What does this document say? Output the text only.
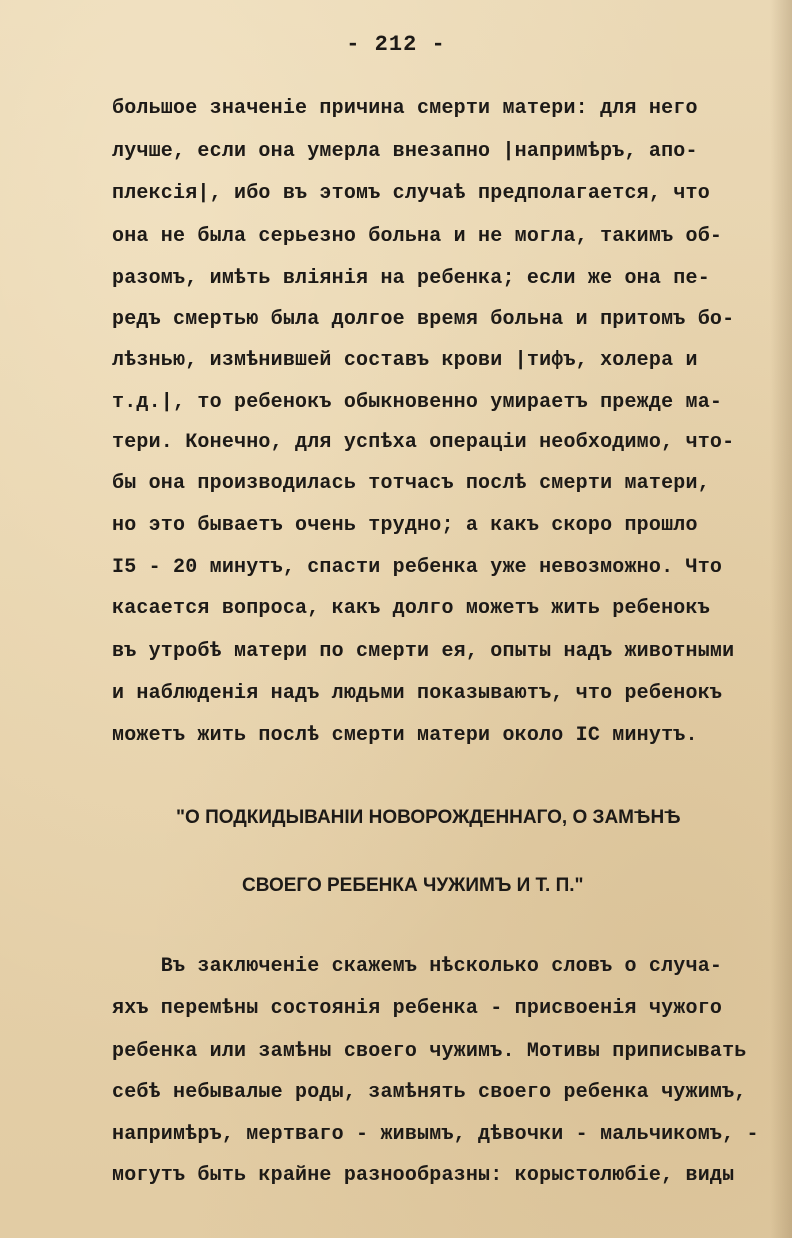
- 212 -
большое значенiе причина смерти матери: для него
лучше, если она умерла внезапно |напримѣръ, апо-
плексiя|, ибо въ этомъ случаѣ предполагается, что
она не была серьезно больна и не могла, такимъ об-
разомъ, имѣть влiянiя на ребенка; если же она пе-
редъ смертью была долгое время больна и притомъ бо-
лѣзнью, измѣнившей составъ крови |тифъ, холера и
т.д.|, то ребенокъ обыкновенно умираетъ прежде ма-
тери. Конечно, для успѣха операцiи необходимо, что-
бы она производилась тотчасъ послѣ смерти матери,
но это бываетъ очень трудно; а какъ скоро прошло
I5 - 20 минутъ, спасти ребенка уже невозможно. Что
касается вопроса, какъ долго можетъ жить ребенокъ
въ утробѣ матери по смерти ея, опыты надъ животными
и наблюденiя надъ людьми показываютъ, что ребенокъ
можетъ жить послѣ смерти матери около IС минутъ.
"О ПОДКИДЫВАНIИ НОВОРОЖДЕННАГО, О ЗАМѢНѢ
СВОЕГО РЕБЕНКА ЧУЖИМЪ И Т. П."
Въ заключенiе скажемъ нѣсколько словъ о случа-
яхъ перемѣны состоянiя ребенка - присвоенiя чужого
ребенка или замѣны своего чужимъ. Мотивы приписывать
себѣ небывалые роды, замѣнять своего ребенка чужимъ,
напримѣръ, мертваго - живымъ, дѣвочки - мальчикомъ, -
могутъ быть крайне разнообразны: корыстолюбiе, виды
